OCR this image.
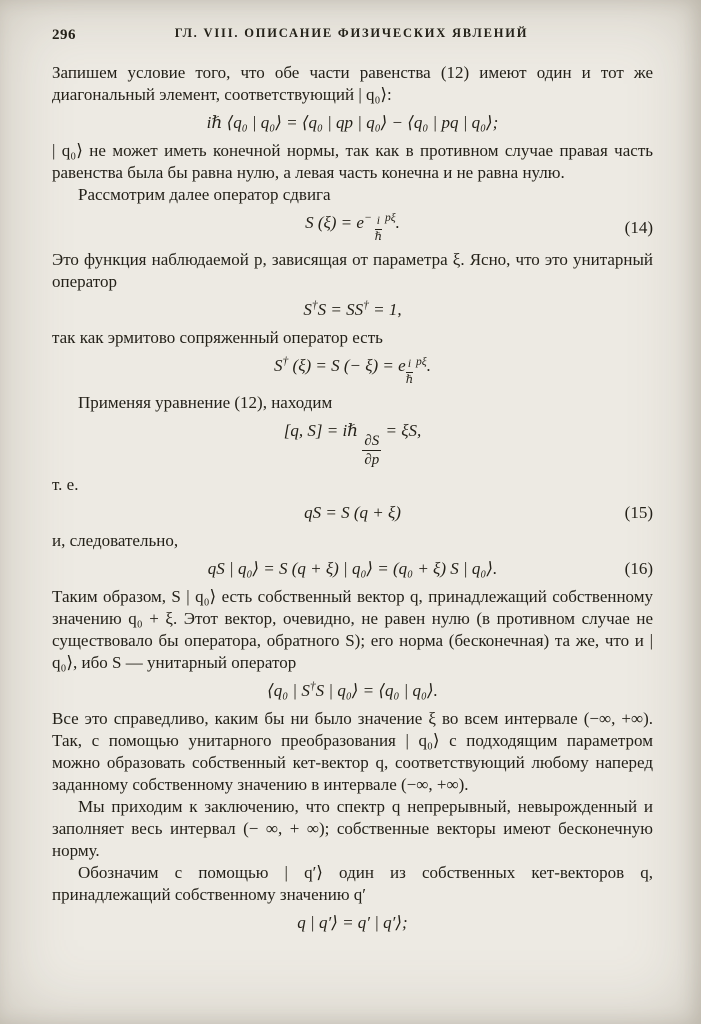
296	ГЛ. VIII. ОПИСАНИЕ ФИЗИЧЕСКИХ ЯВЛЕНИЙ

Запишем условие того, что обе части равенства (12) имеют один и тот же диагональный элемент, соответствующий | q₀⟩:

iℏ ⟨q₀ | q₀⟩ = ⟨q₀ | qp | q₀⟩ − ⟨q₀ | pq | q₀⟩;

| q₀⟩ не может иметь конечной нормы, так как в противном случае правая часть равенства была бы равна нулю, а левая часть конечна и не равна нулю.

Рассмотрим далее оператор сдвига

S $(\xi) = e^{- \frac{i}{\text{ℏ}} p\xi}$.	(14)

Это функция наблюдаемой p, зависящая от параметра ξ. Ясно, что это унитарный оператор

S†S = SS† = 1,

так как эрмитово сопряженный оператор есть

S† (ξ) = S (− ξ) = e $^{\frac{i}{\text{ℏ}} p\xi}$.

Применяя уравнение (12), находим

[q, S] = iℏ
$\frac{\partial S}{\partial p}$
= ξS,

т. е.

qS = S (q + ξ)	(15)

и, следовательно,

qS | q₀⟩ = S (q + ξ) | q₀⟩ = (q₀ + ξ) S | q₀⟩.	(16)

Таким образом, S | q₀⟩ есть собственный вектор q, принадлежащий собственному значению q₀ + ξ. Этот вектор, очевидно, не равен нулю (в противном случае не существовало бы оператора, обратного S); его норма (бесконечная) та же, что и | q₀⟩, ибо S — унитарный оператор

⟨q₀ | S†S | q₀⟩ = ⟨q₀ | q₀⟩.

Все это справедливо, каким бы ни было значение ξ во всем интервале (−∞, +∞). Так, с помощью унитарного преобразования | q₀⟩ с подходящим параметром можно образовать собственный кет-вектор q, соответствующий любому наперед заданному собственному значению в интервале (−∞, +∞).

Мы приходим к заключению, что спектр q непрерывный, невырожденный и заполняет весь интервал (− ∞, + ∞); собственные векторы имеют бесконечную норму.

Обозначим с помощью | q′⟩ один из собственных кет-векторов q, принадлежащий собственному значению q′

q | q′⟩ = q′ | q′⟩;
